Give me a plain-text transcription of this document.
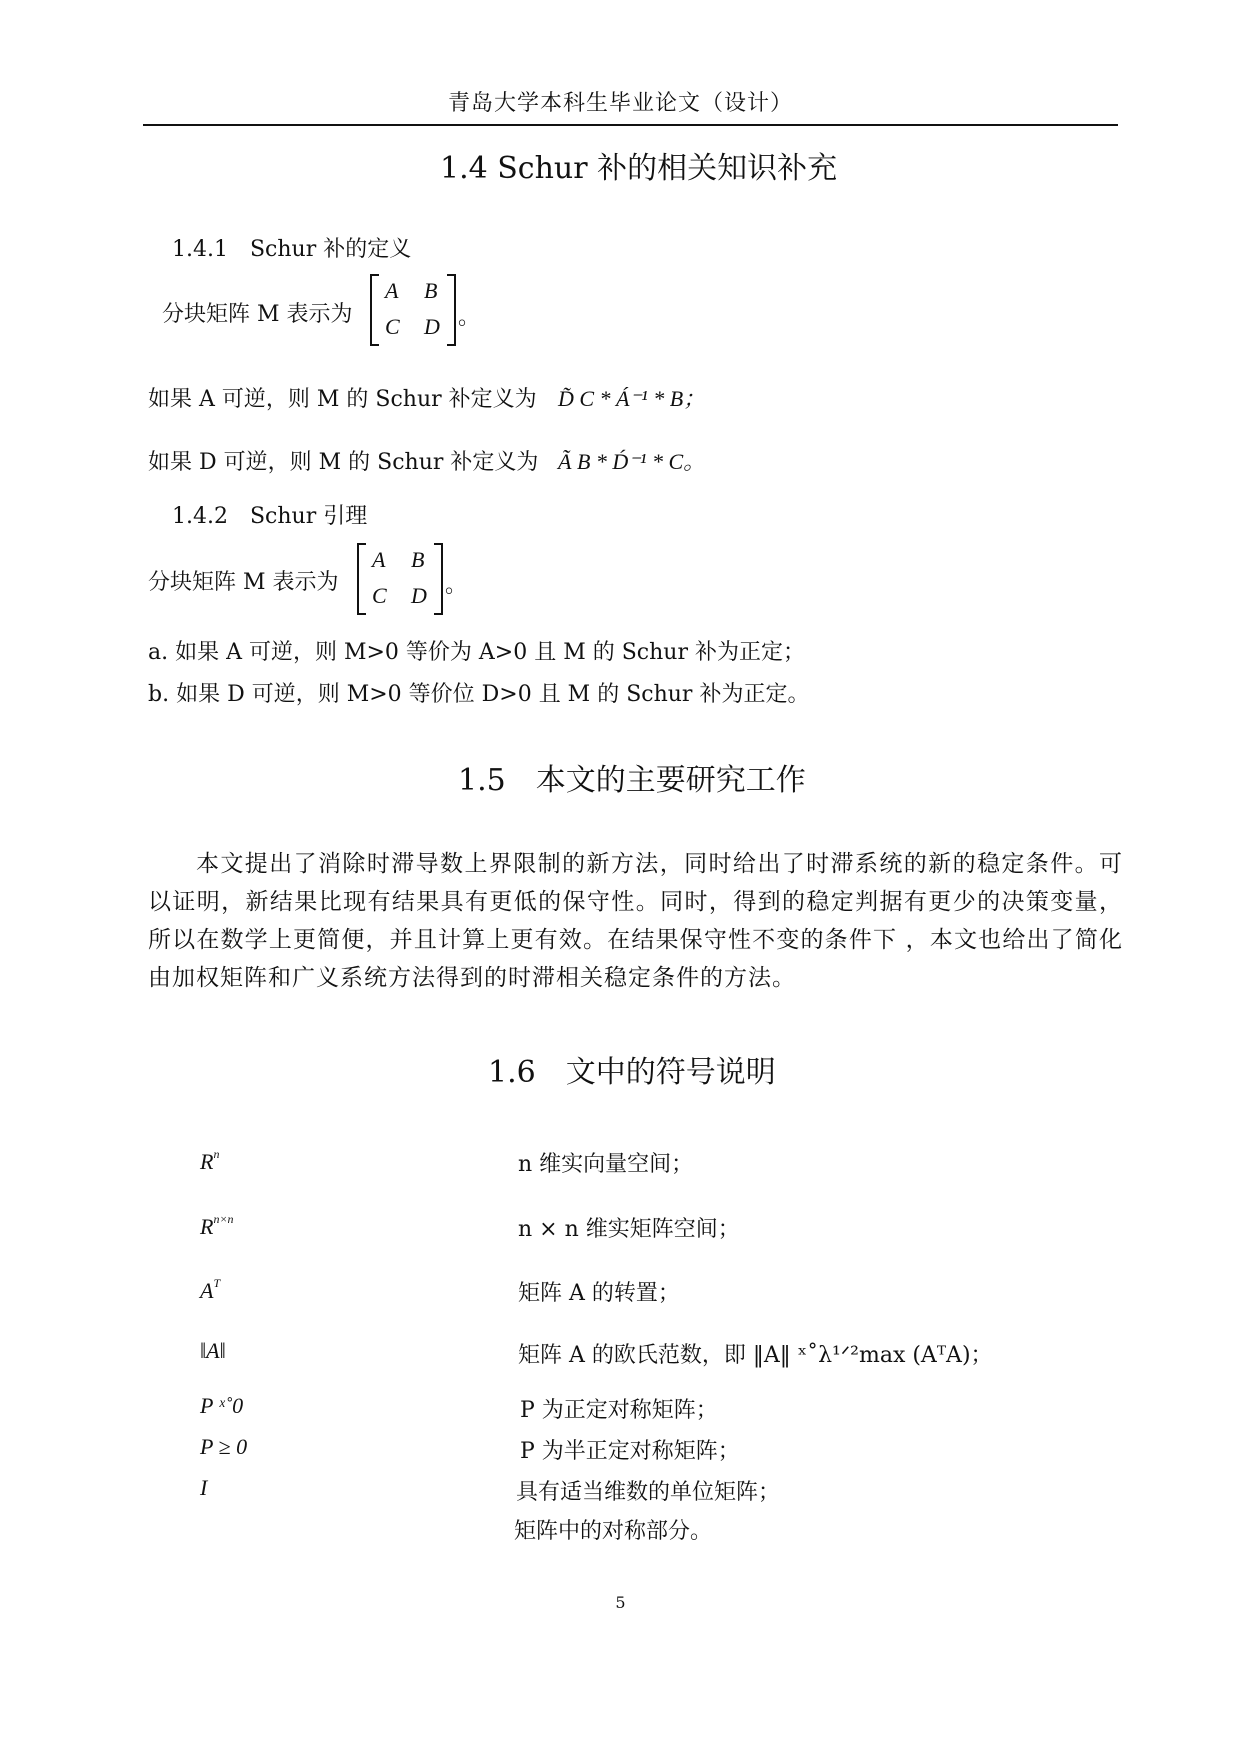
青岛大学本科生毕业论文（设计）
1.4 Schur 补的相关知识补充
1.4.1　Schur 补的定义
分块矩阵 M 表示为
A B
C D 。
如果 A 可逆，则 M 的 Schur 补定义为 D̃ C * Á⁻¹ * B；
如果 D 可逆，则 M 的 Schur 补定义为 Ã B * D́⁻¹ * C。
1.4.2　Schur 引理
分块矩阵 M 表示为
A B
C D 。
a. 如果 A 可逆，则 M>0 等价为 A>0 且 M 的 Schur 补为正定；
b. 如果 D 可逆，则 M>0 等价位 D>0 且 M 的 Schur 补为正定。
1.5　本文的主要研究工作
本文提出了消除时滞导数上界限制的新方法，同时给出了时滞系统的新的稳定条件。可以证明，新结果比现有结果具有更低的保守性。同时，得到的稳定判据有更少的决策变量，所以在数学上更简便，并且计算上更有效。在结果保守性不变的条件下 ，本文也给出了简化由加权矩阵和广义系统方法得到的时滞相关稳定条件的方法。
1.6　文中的符号说明
$R^n$	n 维实向量空间；
$R^{n\times n}$	n × n 维实矩阵空间；
$A^T$	矩阵 A 的转置；
‖A‖	矩阵 A 的欧氏范数，即 ‖A‖ ˣ˚λ¹ᐟ²max (AᵀA)；
P ˣ˚0	P 为正定对称矩阵；
P ≥ 0	P 为半正定对称矩阵；
I	具有适当维数的单位矩阵；
矩阵中的对称部分。
5
